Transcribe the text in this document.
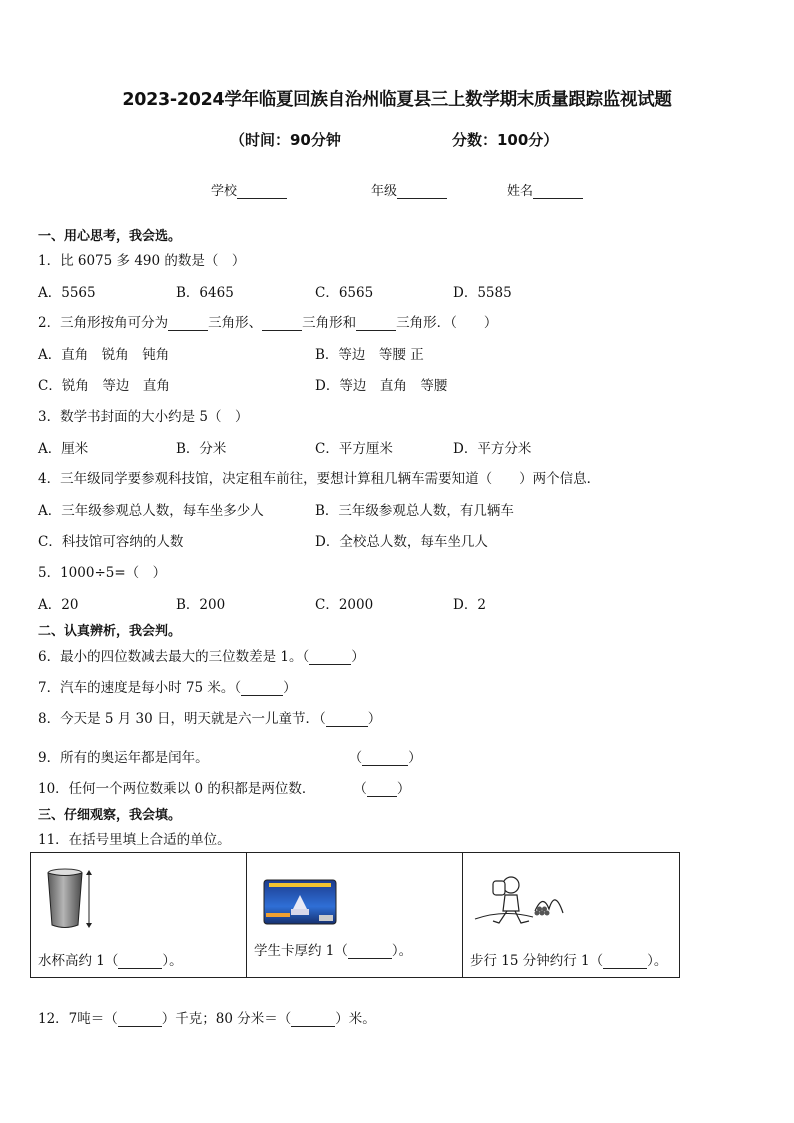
2023-2024学年临夏回族自治州临夏县三上数学期末质量跟踪监视试题
（时间：90分钟	分数：100分）
学校	年级	姓名
一、用心思考，我会选。
1．比 6075 多 490 的数是（　）
A．5565	B．6465	C．6565	D．5585
2．三角形按角可分为	三角形、	三角形和	三角形．（　　）
A．直角　锐角　钝角	B．等边　等腰 正
C．锐角　等边　直角	D．等边　直角　等腰
3．数学书封面的大小约是 5（　）
A．厘米	B．分米	C．平方厘米	D．平方分米
4．三年级同学要参观科技馆，决定租车前往，要想计算租几辆车需要知道（　　）两个信息．
A．三年级参观总人数，每车坐多少人	B．三年级参观总人数，有几辆车
C．科技馆可容纳的人数	D．全校总人数，每车坐几人
5．1000÷5=（　）
A．20	B．200	C．2000	D．2
二、认真辨析，我会判。
6．最小的四位数减去最大的三位数差是 1。（	）
7．汽车的速度是每小时 75 米。（	）
8．今天是 5 月 30 日，明天就是六一儿童节．（	）
9．所有的奥运年都是闰年。	（	）
10．任何一个两位数乘以 0 的积都是两位数．	（ ）
三、仔细观察，我会填。
11．在括号里填上合适的单位。
水杯高约 1（	）。

学生卡厚约 1（	）。

步行 15 分钟约行 1（	）。
12．7吨＝（	）千克；80 分米＝（	）米。
